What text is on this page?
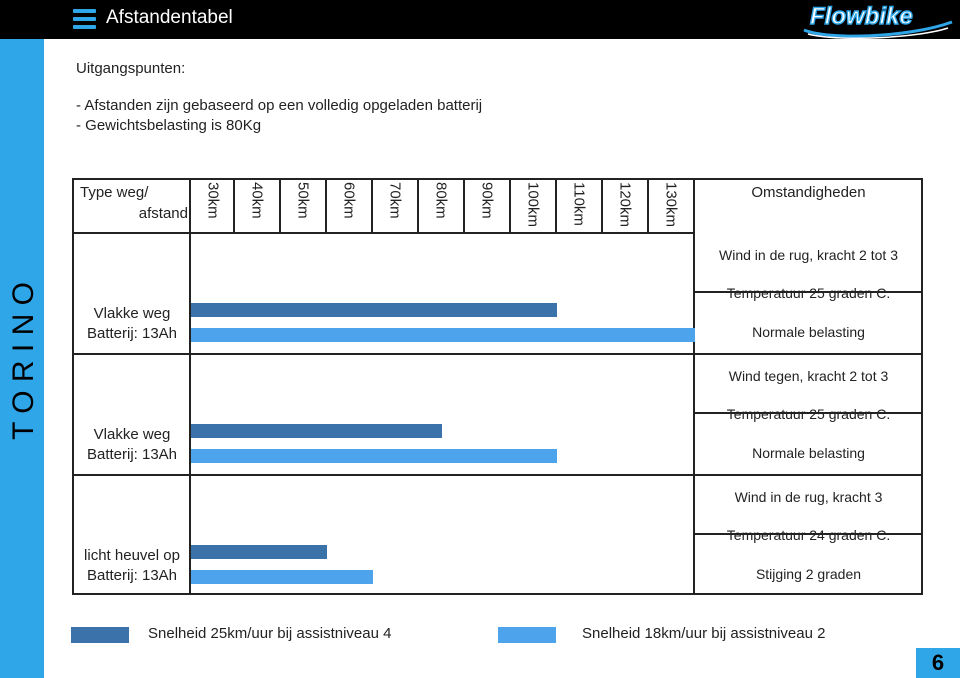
Afstandentabel	Flowbike
T O R I N O
Uitgangspunten:
- Afstanden zijn gebaseerd op een volledig opgeladen batterij
- Gewichtsbelasting is 80Kg
Type weg/
afstand	30km	40km	50km	60km	70km	80km	90km	100km	110km	120km	130km	Omstandigheden
Vlakke weg
Batterij: 13Ah
Wind in de rug, kracht 2 tot 3
Temperatuur 25 graden C.
Normale belasting
Vlakke weg
Batterij: 13Ah
Wind tegen, kracht 2 tot 3
Temperatuur 25 graden C.
Normale belasting
licht heuvel op
Batterij: 13Ah
Wind in de rug, kracht 3
Temperatuur 24 graden C.
Stijging 2 graden
Snelheid 25km/uur bij assistniveau 4	Snelheid 18km/uur bij assistniveau 2
6
